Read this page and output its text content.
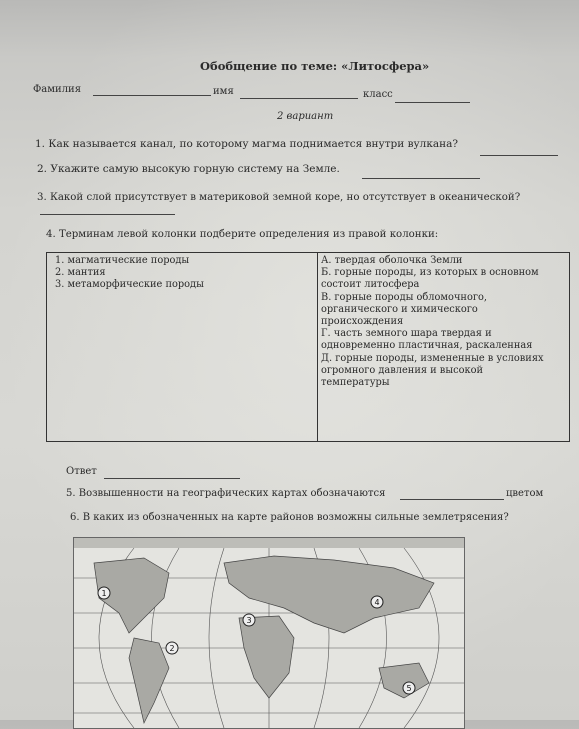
Обобщение по теме: «Литосфера»
Фамилия	имя	класс
2 вариант
1. Как называется канал, по которому магма поднимается внутри вулкана?
2. Укажите самую высокую горную систему на Земле.
3. Какой слой присутствует в материковой земной коре, но отсутствует в океанической?
4. Терминам левой колонки подберите определения из правой колонки:
1. магматические породы
2. мантия
3. метаморфические породы
А. твердая оболочка Земли
Б. горные породы, из которых в основном
состоит литосфера
В. горные породы обломочного,
органического и химического
происхождения
Г. часть земного шара твердая и
одновременно пластичная, раскаленная
Д. горные породы, измененные в условиях
огромного давления и высокой
температуры
Ответ
5. Возвышенности на географических картах обозначаются	цветом
6. В каких из обозначенных на карте районов возможны сильные землетрясения?
1
2
3
4
5
